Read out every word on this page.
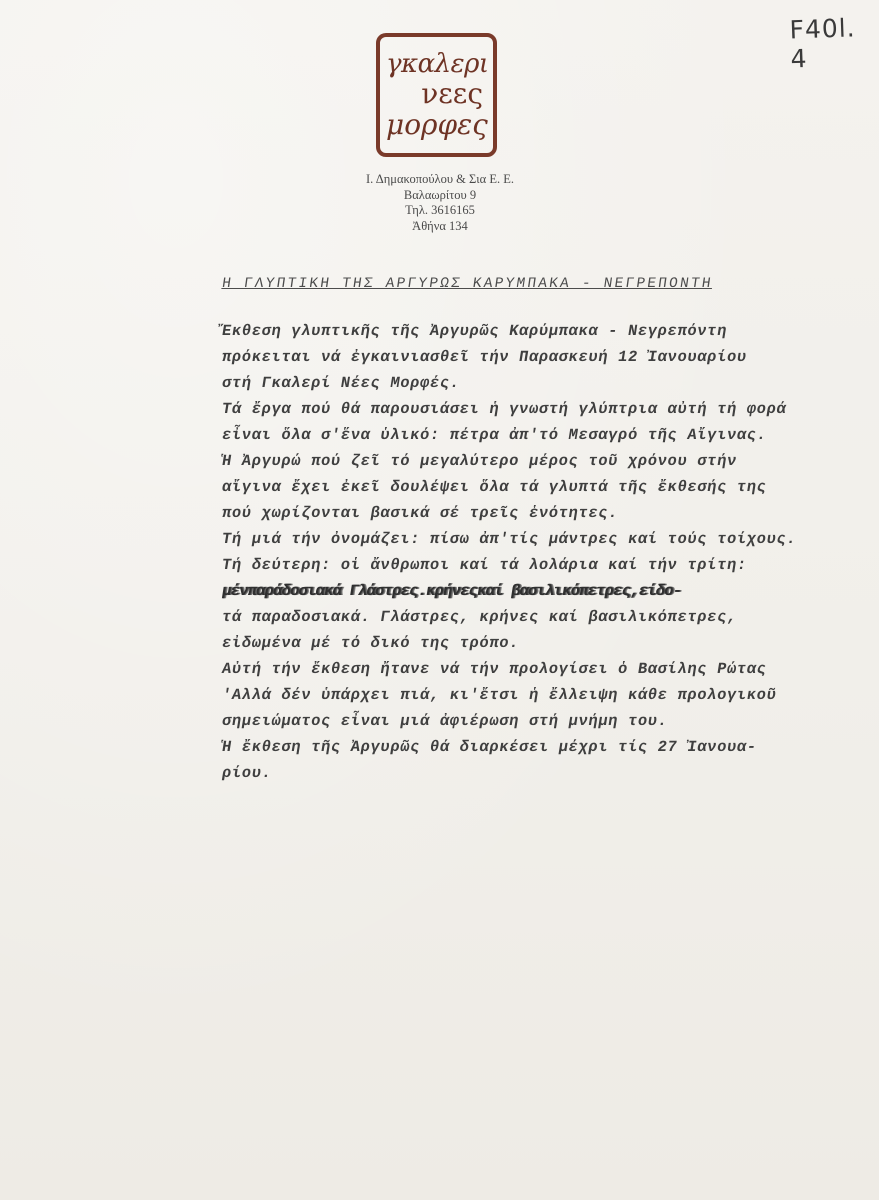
F40l. 4
γκαλερι
νεες
μορφες
Ι. Δημακοπούλου & Σια Ε. Ε.
Βαλαωρίτου 9
Τηλ. 3616165
Ἀθήνα 134
Η ΓΛΥΠΤΙΚΗ ΤΗΣ ΑΡΓΥΡΩΣ ΚΑΡΥΜΠΑΚΑ - ΝΕΓΡΕΠΟΝΤΗ
Ἔκθεση γλυπτικῆς τῆς Ἀργυρῶς Καρύμπακα - Νεγρεπόντη
πρόκειται νά ἐγκαινιασθεῖ τήν Παρασκευή 12 Ἰανουαρίου
στή Γκαλερί Νέες Μορφές.
Τά ἔργα πού θά παρουσιάσει ἡ γνωστή γλύπτρια αὐτή τή φορά
εἶναι ὅλα σ'ἕνα ὑλικό: πέτρα ἀπ'τό Μεσαγρό τῆς Αἴγινας.
Ἡ Ἀργυρώ πού ζεῖ τό μεγαλύτερο μέρος τοῦ χρόνου στήν
αἴγινα ἔχει ἐκεῖ δουλέψει ὅλα τά γλυπτά τῆς ἔκθεσής της
πού χωρίζονται βασικά σέ τρεῖς ἑνότητες.
Τή μιά τήν ὀνομάζει: πίσω ἀπ'τίς μάντρες καί τούς τοίχους.
Τή δεύτερη: οἱ ἄνθρωποι καί τά λολάρια καί τήν τρίτη:
μένπαράδοσιακά Γλάστρες.κρήνεςκαί βασιλικόπετρες,είδο-
τά παραδοσιακά. Γλάστρες, κρήνες καί βασιλικόπετρες,
εἰδωμένα μέ τό δικό της τρόπο.
Αὐτή τήν ἔκθεση ἤτανε νά τήν προλογίσει ὁ Βασίλης Ρώτας
'Αλλά δέν ὑπάρχει πιά, κι'ἔτσι ἡ ἔλλειψη κάθε προλογικοῦ
σημειώματος εἶναι μιά ἀφιέρωση στή μνήμη του.
Ἡ ἔκθεση τῆς Ἀργυρῶς θά διαρκέσει μέχρι τίς 27 Ἰανουα-
ρίου.
